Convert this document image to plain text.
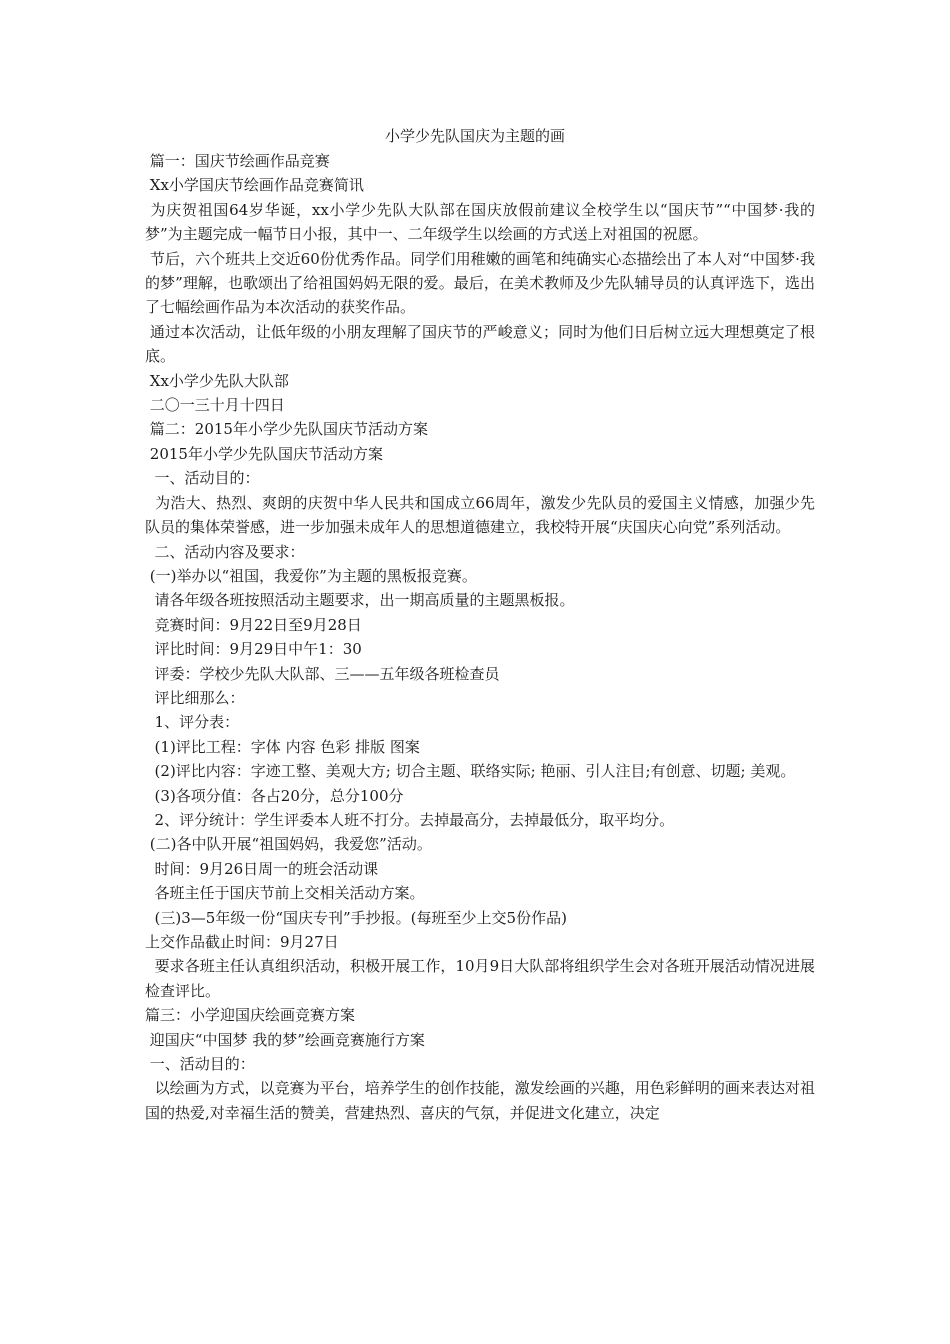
小学少先队国庆为主题的画

篇一：国庆节绘画作品竞赛

Xx小学国庆节绘画作品竞赛简讯

为庆贺祖国64岁华诞，xx小学少先队大队部在国庆放假前建议全校学生以“国庆节”“中国梦·我的梦”为主题完成一幅节日小报，其中一、二年级学生以绘画的方式送上对祖国的祝愿。

节后，六个班共上交近60份优秀作品。同学们用稚嫩的画笔和纯确实心态描绘出了本人对“中国梦·我的梦”理解，也歌颂出了给祖国妈妈无限的爱。最后，在美术教师及少先队辅导员的认真评选下，选出了七幅绘画作品为本次活动的获奖作品。

通过本次活动，让低年级的小朋友理解了国庆节的严峻意义；同时为他们日后树立远大理想奠定了根底。

Xx小学少先队大队部

二〇一三十月十四日

篇二：2015年小学少先队国庆节活动方案

2015年小学少先队国庆节活动方案

一、活动目的：

为浩大、热烈、爽朗的庆贺中华人民共和国成立66周年，激发少先队员的爱国主义情感，加强少先队员的集体荣誉感，进一步加强未成年人的思想道德建立，我校特开展“庆国庆心向党”系列活动。

二、活动内容及要求：

(一)举办以“祖国，我爱你”为主题的黑板报竞赛。

请各年级各班按照活动主题要求，出一期高质量的主题黑板报。

竞赛时间：9月22日至9月28日

评比时间：9月29日中午1：30

评委：学校少先队大队部、三——五年级各班检查员

评比细那么：

1、评分表：

(1)评比工程：字体 内容 色彩 排版 图案

(2)评比内容：字迹工整、美观大方; 切合主题、联络实际; 艳丽、引人注目;有创意、切题; 美观。

(3)各项分值：各占20分，总分100分

2、评分统计：学生评委本人班不打分。去掉最高分，去掉最低分，取平均分。

(二)各中队开展“祖国妈妈，我爱您”活动。

时间：9月26日周一的班会活动课

各班主任于国庆节前上交相关活动方案。

(三)3—5年级一份“国庆专刊”手抄报。(每班至少上交5份作品)

上交作品截止时间：9月27日

要求各班主任认真组织活动，积极开展工作，10月9日大队部将组织学生会对各班开展活动情况进展检查评比。

篇三：小学迎国庆绘画竞赛方案

迎国庆“中国梦 我的梦”绘画竞赛施行方案

一、活动目的：

以绘画为方式，以竞赛为平台，培养学生的创作技能，激发绘画的兴趣，用色彩鲜明的画来表达对祖国的热爱,对幸福生活的赞美，营建热烈、喜庆的气氛，并促进文化建立，决定
